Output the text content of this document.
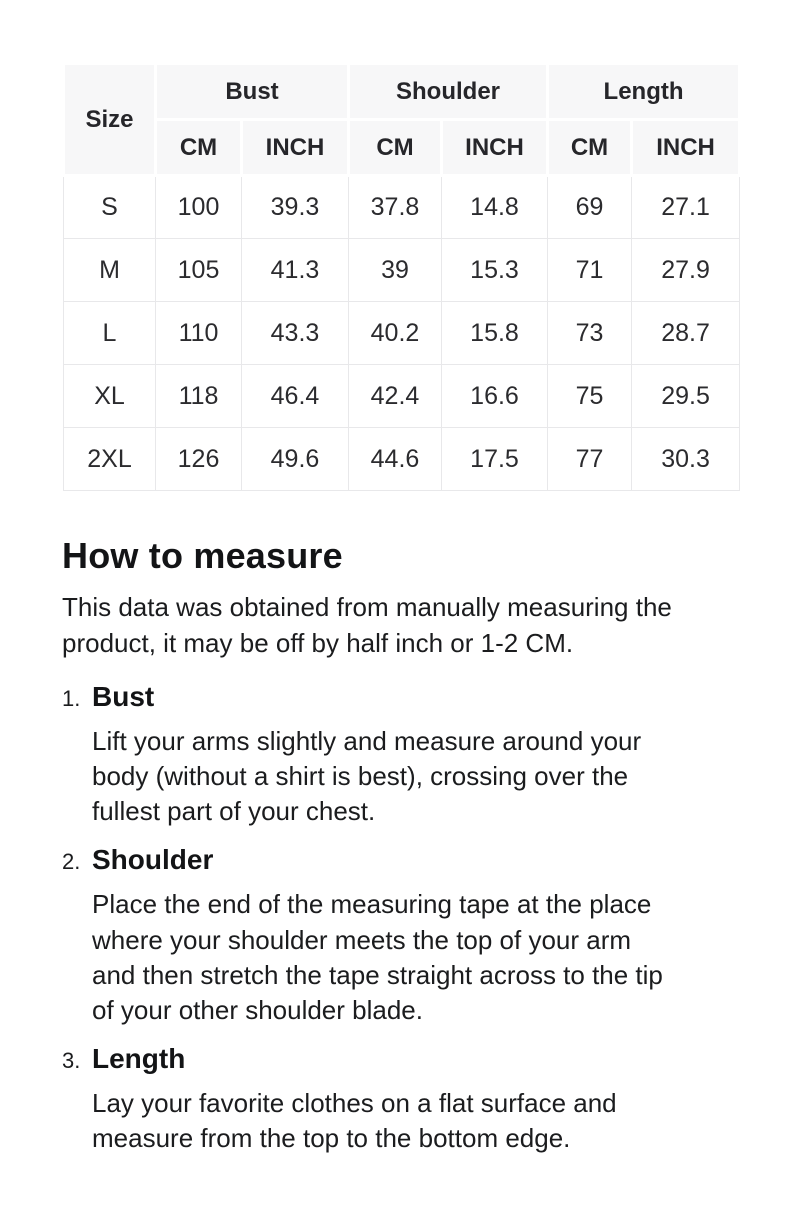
Size	Bust		Shoulder		Length	
	CM	INCH	CM	INCH	CM	INCH
S	100	39.3	37.8	14.8	69	27.1
M	105	41.3	39	15.3	71	27.9
L	110	43.3	40.2	15.8	73	28.7
XL	118	46.4	42.4	16.6	75	29.5
2XL	126	49.6	44.6	17.5	77	30.3
How to measure

This data was obtained from manually measuring the product, it may be off by half inch or 1-2 CM.

1. Bust

Lift your arms slightly and measure around your body (without a shirt is best), crossing over the fullest part of your chest.

2. Shoulder

Place the end of the measuring tape at the place where your shoulder meets the top of your arm and then stretch the tape straight across to the tip of your other shoulder blade.

3. Length

Lay your favorite clothes on a flat surface and measure from the top to the bottom edge.
